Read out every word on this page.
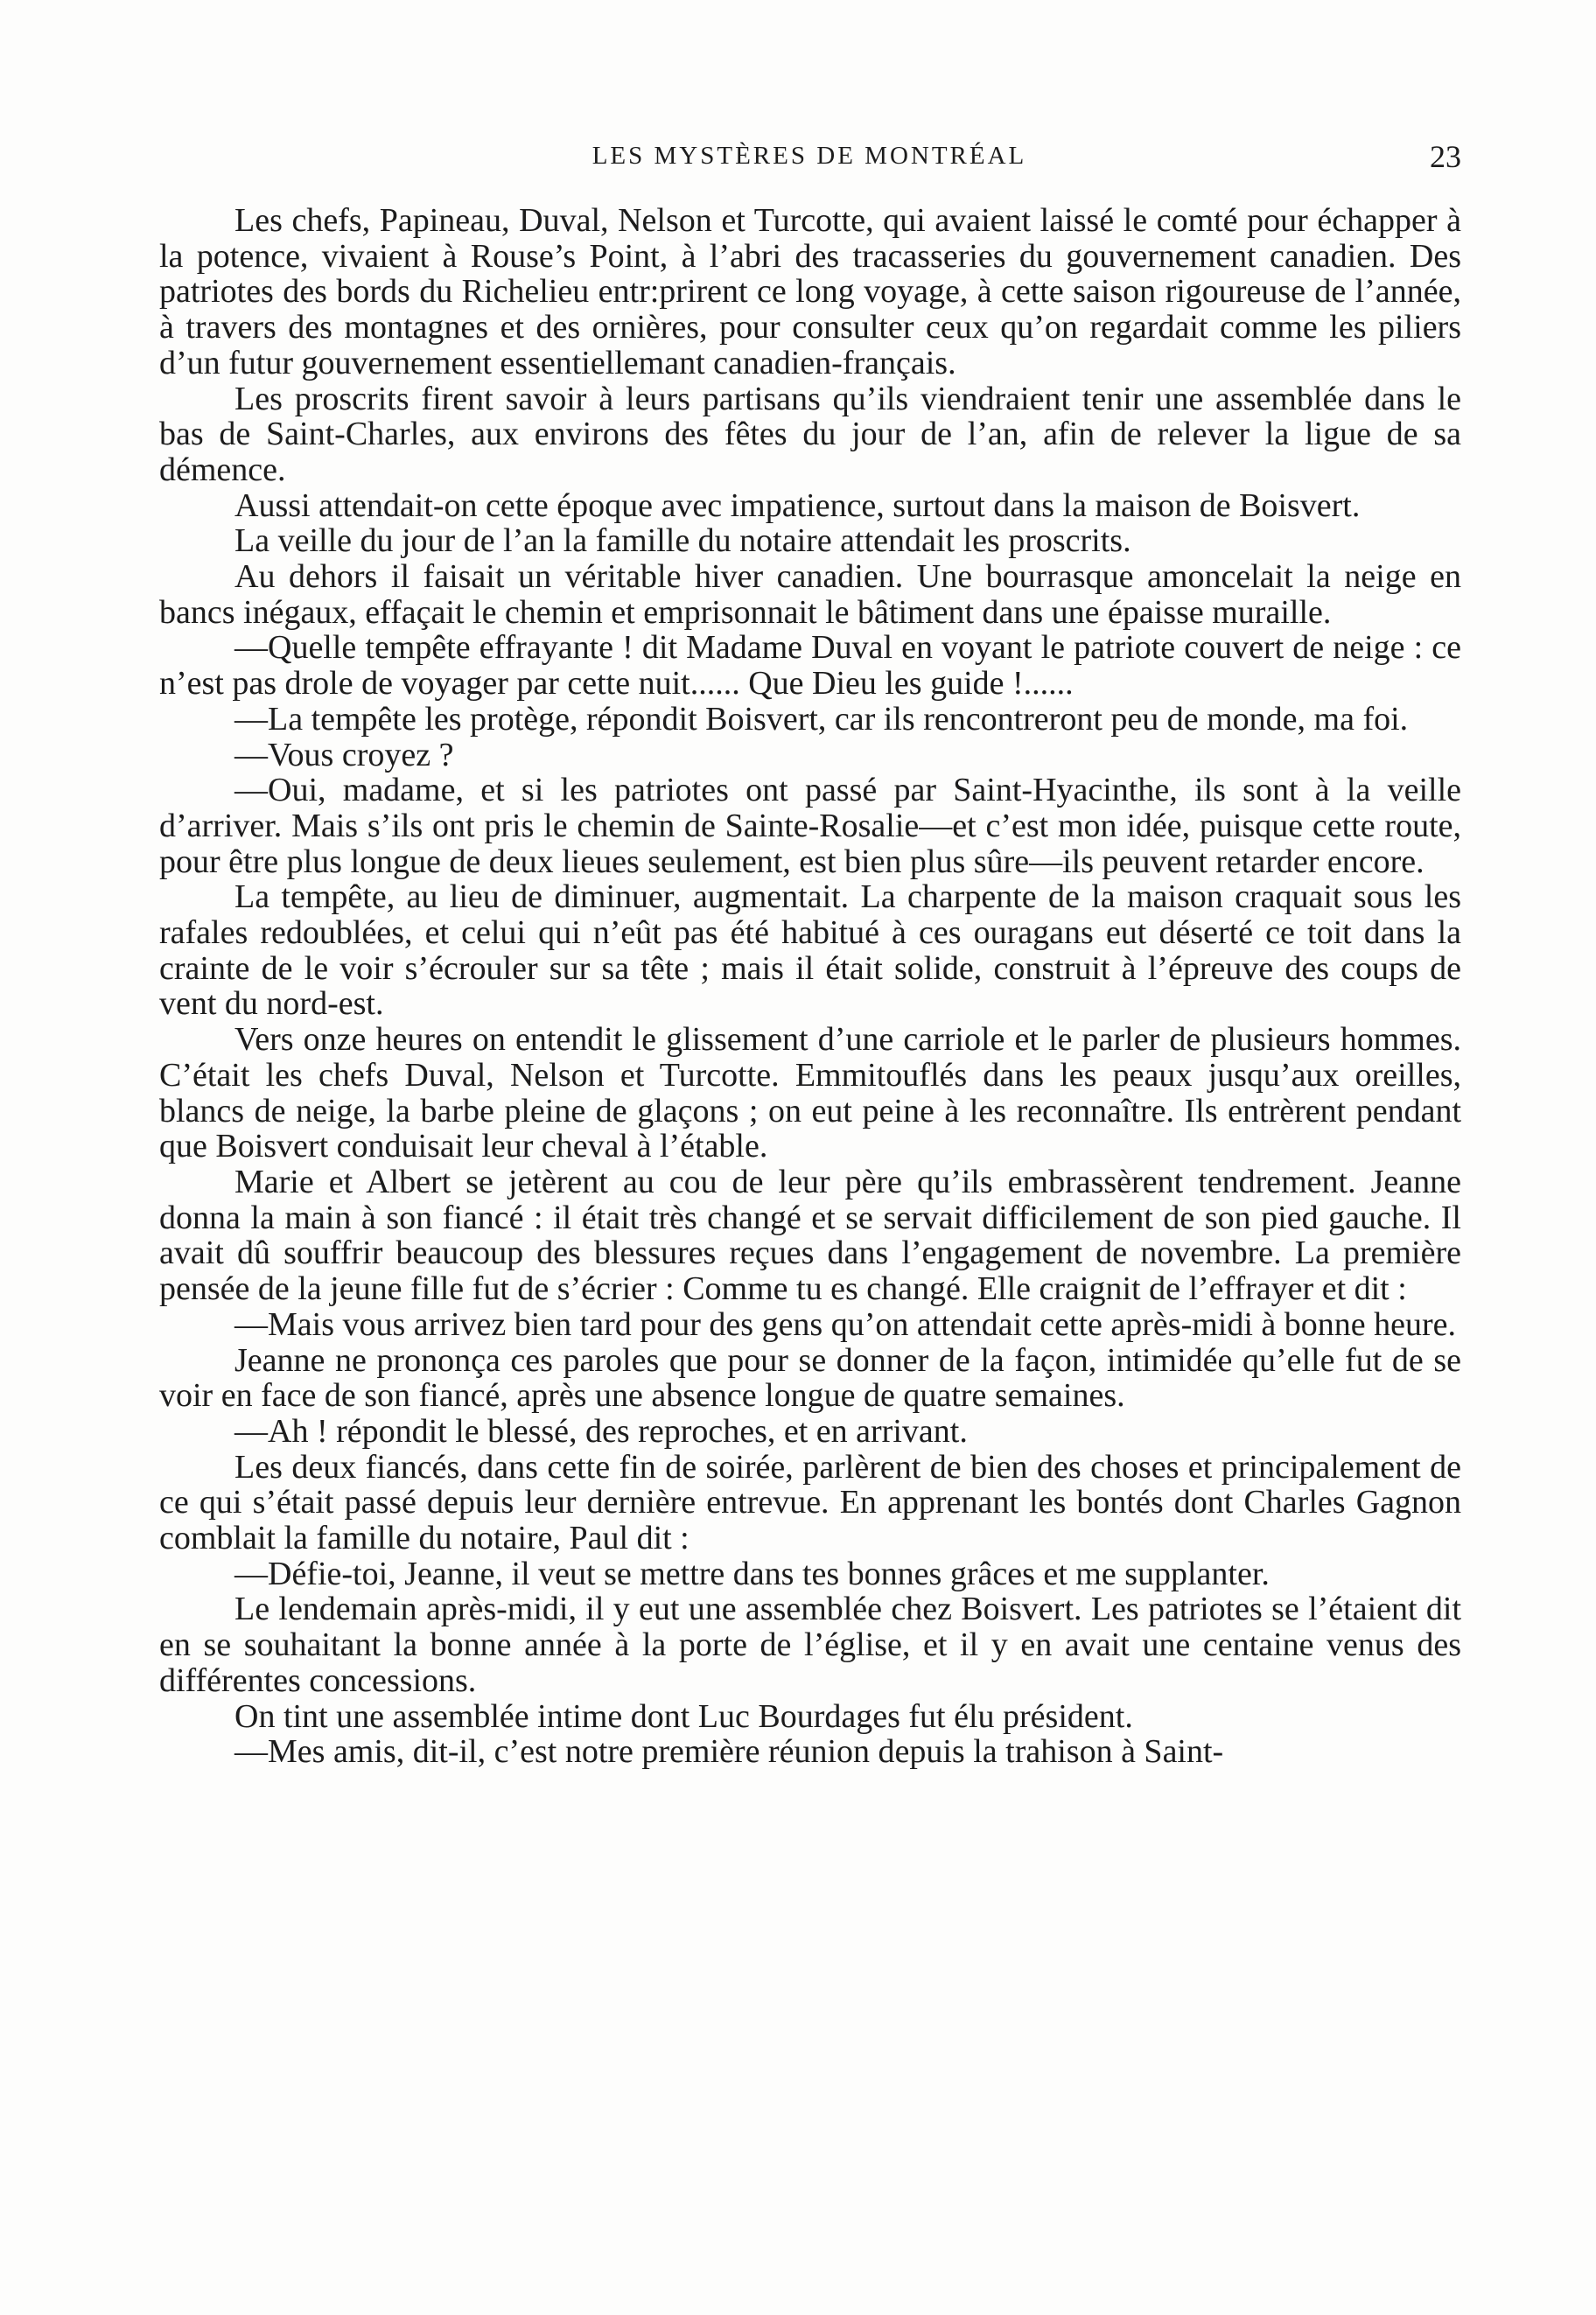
LES MYSTÈRES DE MONTRÉAL	23

Les chefs, Papineau, Duval, Nelson et Turcotte, qui avaient laissé le comté pour échapper à la potence, vivaient à Rouse’s Point, à l’abri des tracasseries du gouvernement canadien. Des patriotes des bords du Richelieu entr:prirent ce long voyage, à cette saison rigoureuse de l’année, à travers des montagnes et des ornières, pour consulter ceux qu’on regardait comme les piliers d’un futur gouvernement essentiellemant canadien-français.

Les proscrits firent savoir à leurs partisans qu’ils viendraient tenir une assemblée dans le bas de Saint-Charles, aux environs des fêtes du jour de l’an, afin de relever la ligue de sa démence.

Aussi attendait-on cette époque avec impatience, surtout dans la maison de Boisvert.

La veille du jour de l’an la famille du notaire attendait les proscrits.

Au dehors il faisait un véritable hiver canadien. Une bourrasque amoncelait la neige en bancs inégaux, effaçait le chemin et emprisonnait le bâtiment dans une épaisse muraille.

—Quelle tempête effrayante ! dit Madame Duval en voyant le patriote couvert de neige : ce n’est pas drole de voyager par cette nuit...... Que Dieu les guide !......

—La tempête les protège, répondit Boisvert, car ils rencontreront peu de monde, ma foi.

—Vous croyez ?

—Oui, madame, et si les patriotes ont passé par Saint-Hyacinthe, ils sont à la veille d’arriver. Mais s’ils ont pris le chemin de Sainte-Rosalie—et c’est mon idée, puisque cette route, pour être plus longue de deux lieues seulement, est bien plus sûre—ils peuvent retarder encore.

La tempête, au lieu de diminuer, augmentait. La charpente de la maison craquait sous les rafales redoublées, et celui qui n’eût pas été habitué à ces ouragans eut déserté ce toit dans la crainte de le voir s’écrouler sur sa tête ; mais il était solide, construit à l’épreuve des coups de vent du nord-est.

Vers onze heures on entendit le glissement d’une carriole et le parler de plusieurs hommes. C’était les chefs Duval, Nelson et Turcotte. Emmitouflés dans les peaux jusqu’aux oreilles, blancs de neige, la barbe pleine de glaçons ; on eut peine à les reconnaître. Ils entrèrent pendant que Boisvert conduisait leur cheval à l’étable.

Marie et Albert se jetèrent au cou de leur père qu’ils embrassèrent tendrement. Jeanne donna la main à son fiancé : il était très changé et se servait difficilement de son pied gauche. Il avait dû souffrir beaucoup des blessures reçues dans l’engagement de novembre. La première pensée de la jeune fille fut de s’écrier : Comme tu es changé. Elle craignit de l’effrayer et dit :

—Mais vous arrivez bien tard pour des gens qu’on attendait cette après-midi à bonne heure.

Jeanne ne prononça ces paroles que pour se donner de la façon, intimidée qu’elle fut de se voir en face de son fiancé, après une absence longue de quatre semaines.

—Ah ! répondit le blessé, des reproches, et en arrivant.

Les deux fiancés, dans cette fin de soirée, parlèrent de bien des choses et principalement de ce qui s’était passé depuis leur dernière entrevue. En apprenant les bontés dont Charles Gagnon comblait la famille du notaire, Paul dit :

—Défie-toi, Jeanne, il veut se mettre dans tes bonnes grâces et me supplanter.

Le lendemain après-midi, il y eut une assemblée chez Boisvert. Les patriotes se l’étaient dit en se souhaitant la bonne année à la porte de l’église, et il y en avait une centaine venus des différentes concessions.

On tint une assemblée intime dont Luc Bourdages fut élu président.

—Mes amis, dit-il, c’est notre première réunion depuis la trahison à Saint-
